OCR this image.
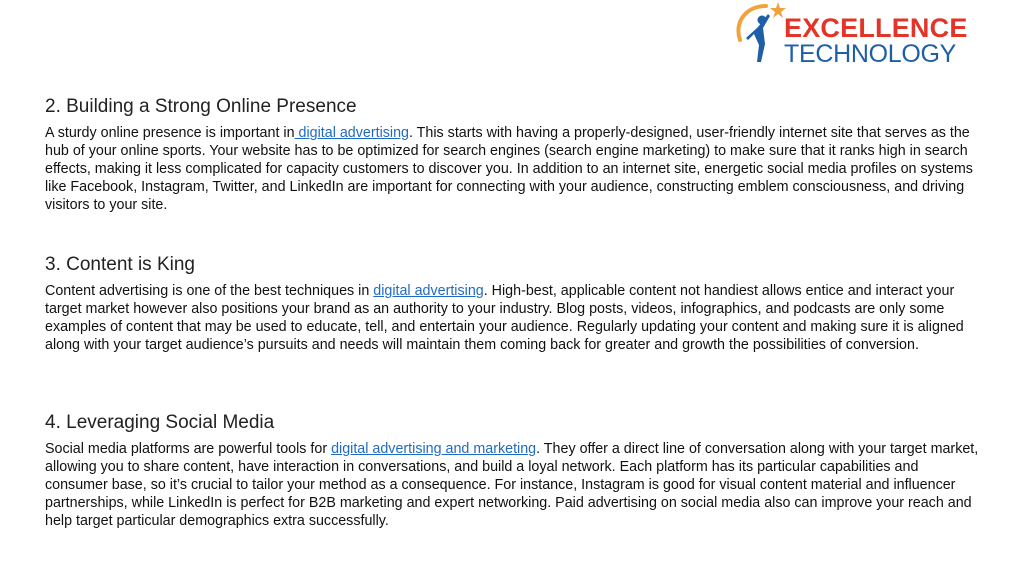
EXCELLENCE
TECHNOLOGY
2. Building a Strong Online Presence

A sturdy online presence is important in digital advertising. This starts with having a properly-designed, user-friendly internet site that serves as the hub of your online sports. Your website has to be optimized for search engines (search engine marketing) to make sure that it ranks high in search effects, making it less complicated for capacity customers to discover you. In addition to an internet site, energetic social media profiles on systems like Facebook, Instagram, Twitter, and LinkedIn are important for connecting with your audience, constructing emblem consciousness, and driving visitors to your site.

3. Content is King

Content advertising is one of the best techniques in digital advertising. High-best, applicable content not handiest allows entice and interact your target market however also positions your brand as an authority to your industry. Blog posts, videos, infographics, and podcasts are only some examples of content that may be used to educate, tell, and entertain your audience. Regularly updating your content and making sure it is aligned along with your target audience’s pursuits and needs will maintain them coming back for greater and growth the possibilities of conversion.

4. Leveraging Social Media

Social media platforms are powerful tools for digital advertising and marketing. They offer a direct line of conversation along with your target market, allowing you to share content, have interaction in conversations, and build a loyal network. Each platform has its particular capabilities and consumer base, so it’s crucial to tailor your method as a consequence. For instance, Instagram is good for visual content material and influencer partnerships, while LinkedIn is perfect for B2B marketing and expert networking. Paid advertising on social media also can improve your reach and help target particular demographics extra successfully.
